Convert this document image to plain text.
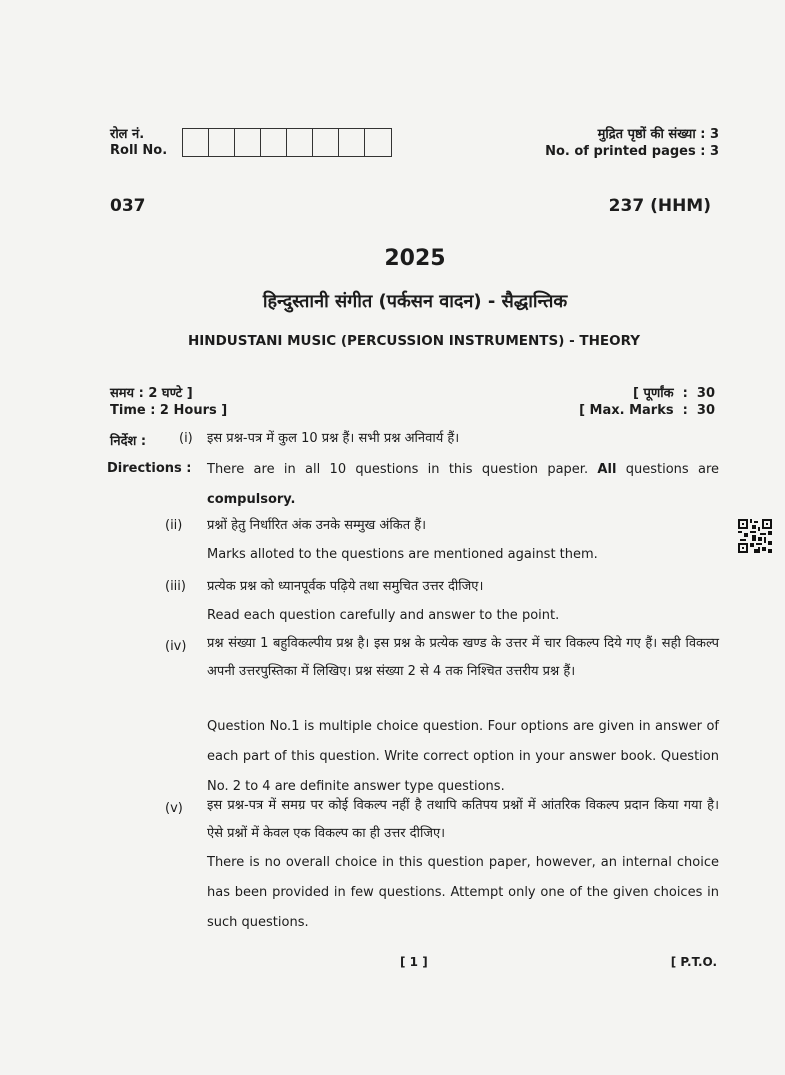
रोल नं.
Roll No.
मुद्रित पृष्ठों की संख्या : 3
No. of printed pages : 3
037	237 (HHM)
2025
हिन्दुस्तानी संगीत (पर्कसन वादन) - सैद्धान्तिक
HINDUSTANI MUSIC (PERCUSSION INSTRUMENTS) - THEORY
समय : 2 घण्टे ]
Time : 2 Hours ]
[ पूर्णांक  :  30
[ Max. Marks  :  30
निर्देश :
Directions :
(i) इस प्रश्न-पत्र में कुल 10 प्रश्न हैं। सभी प्रश्न अनिवार्य हैं।
There are in all 10 questions in this question paper. All questions are compulsory.
(ii) प्रश्नों हेतु निर्धारित अंक उनके सम्मुख अंकित हैं।
Marks alloted to the questions are mentioned against them.
(iii) प्रत्येक प्रश्न को ध्यानपूर्वक पढ़िये तथा समुचित उत्तर दीजिए।
Read each question carefully and answer to the point.
(iv) प्रश्न संख्या 1 बहुविकल्पीय प्रश्न है। इस प्रश्न के प्रत्येक खण्ड के उत्तर में चार विकल्प दिये गए हैं। सही विकल्प अपनी उत्तरपुस्तिका में लिखिए। प्रश्न संख्या 2 से 4 तक निश्चित उत्तरीय प्रश्न हैं।
Question No.1 is multiple choice question. Four options are given in answer of each part of this question. Write correct option in your answer book. Question No. 2 to 4 are definite answer type questions.
(v) इस प्रश्न-पत्र में समग्र पर कोई विकल्प नहीं है तथापि कतिपय प्रश्नों में आंतरिक विकल्प प्रदान किया गया है। ऐसे प्रश्नों में केवल एक विकल्प का ही उत्तर दीजिए।
There is no overall choice in this question paper, however, an internal choice has been provided in few questions. Attempt only one of the given choices in such questions.
[ 1 ]	[ P.T.O.
